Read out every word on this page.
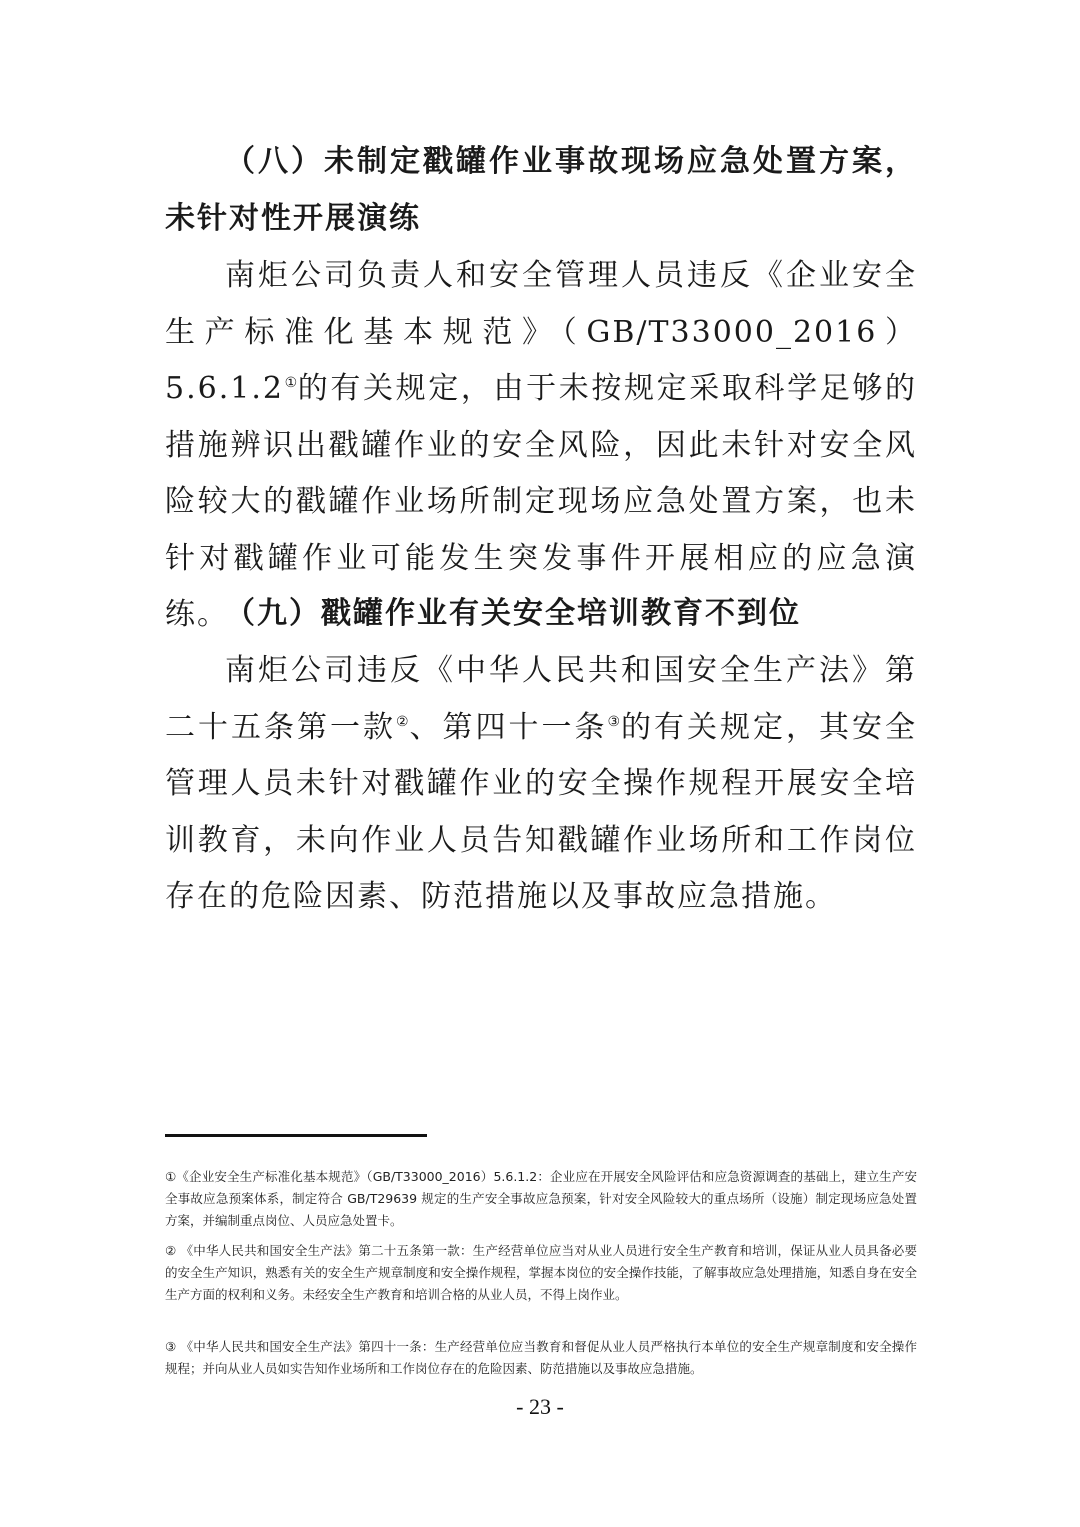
（八）未制定戳罐作业事故现场应急处置方案，未针对性开展演练

南炬公司负责人和安全管理人员违反《企业安全生产标准化基本规范》（GB/T33000_2016）5.6.1.2①的有关规定，由于未按规定采取科学足够的措施辨识出戳罐作业的安全风险，因此未针对安全风险较大的戳罐作业场所制定现场应急处置方案，也未针对戳罐作业可能发生突发事件开展相应的应急演练。

（九）戳罐作业有关安全培训教育不到位

南炬公司违反《中华人民共和国安全生产法》第二十五条第一款②、第四十一条③的有关规定，其安全管理人员未针对戳罐作业的安全操作规程开展安全培训教育，未向作业人员告知戳罐作业场所和工作岗位存在的危险因素、防范措施以及事故应急措施。

①《企业安全生产标准化基本规范》（GB/T33000_2016）5.6.1.2：企业应在开展安全风险评估和应急资源调查的基础上，建立生产安全事故应急预案体系，制定符合 GB/T29639 规定的生产安全事故应急预案，针对安全风险较大的重点场所（设施）制定现场应急处置方案，并编制重点岗位、人员应急处置卡。

② 《中华人民共和国安全生产法》第二十五条第一款：生产经营单位应当对从业人员进行安全生产教育和培训，保证从业人员具备必要的安全生产知识，熟悉有关的安全生产规章制度和安全操作规程，掌握本岗位的安全操作技能，了解事故应急处理措施，知悉自身在安全生产方面的权利和义务。未经安全生产教育和培训合格的从业人员，不得上岗作业。

③ 《中华人民共和国安全生产法》第四十一条：生产经营单位应当教育和督促从业人员严格执行本单位的安全生产规章制度和安全操作规程；并向从业人员如实告知作业场所和工作岗位存在的危险因素、防范措施以及事故应急措施。

- 23 -
